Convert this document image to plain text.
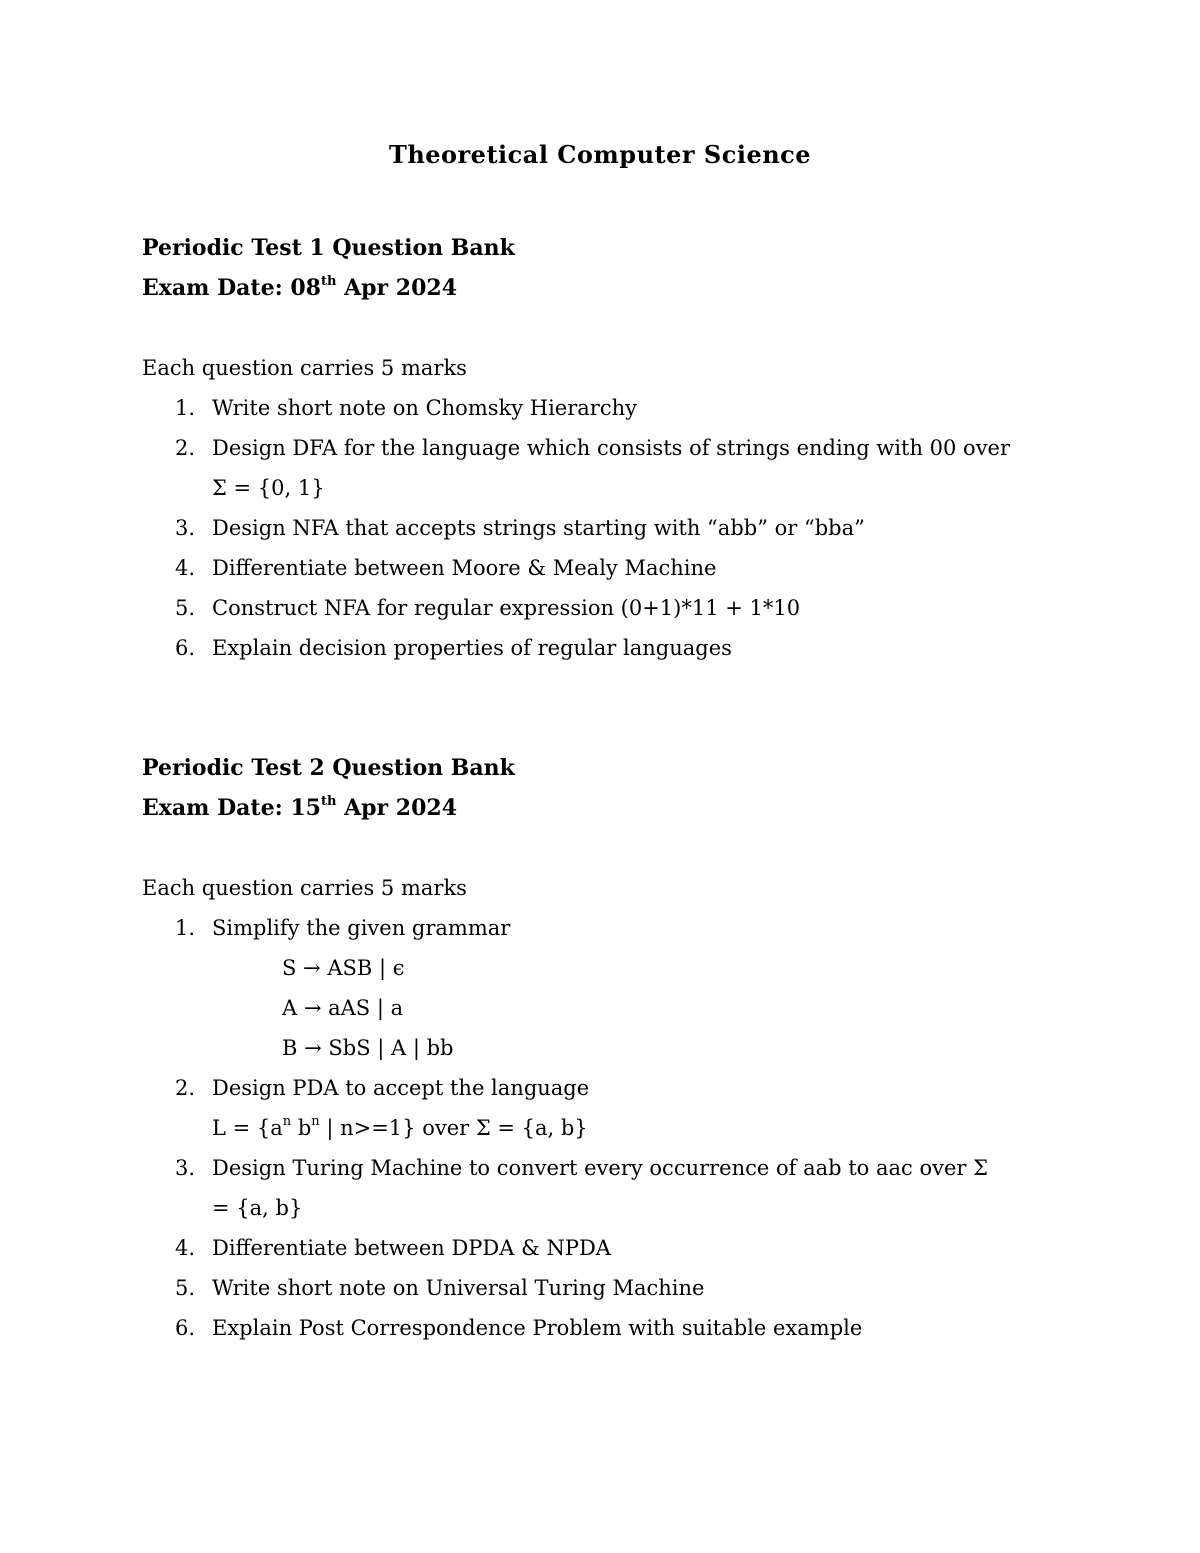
Theoretical Computer Science
Periodic Test 1 Question Bank
Exam Date: 08th Apr 2024
Each question carries 5 marks
1. Write short note on Chomsky Hierarchy
2. Design DFA for the language which consists of strings ending with 00 over Σ = {0, 1}
3. Design NFA that accepts strings starting with “abb” or “bba”
4. Differentiate between Moore & Mealy Machine
5. Construct NFA for regular expression (0+1)*11 + 1*10
6. Explain decision properties of regular languages
Periodic Test 2 Question Bank
Exam Date: 15th Apr 2024
Each question carries 5 marks
1. Simplify the given grammar
S → ASB | ϵ
A → aAS | a
B → SbS | A | bb
2. Design PDA to accept the language
$L = \{a^n$ $b^n$ | n>=1} over Σ = {a, b}
3. Design Turing Machine to convert every occurrence of aab to aac over Σ = {a, b}
4. Differentiate between DPDA & NPDA
5. Write short note on Universal Turing Machine
6. Explain Post Correspondence Problem with suitable example
